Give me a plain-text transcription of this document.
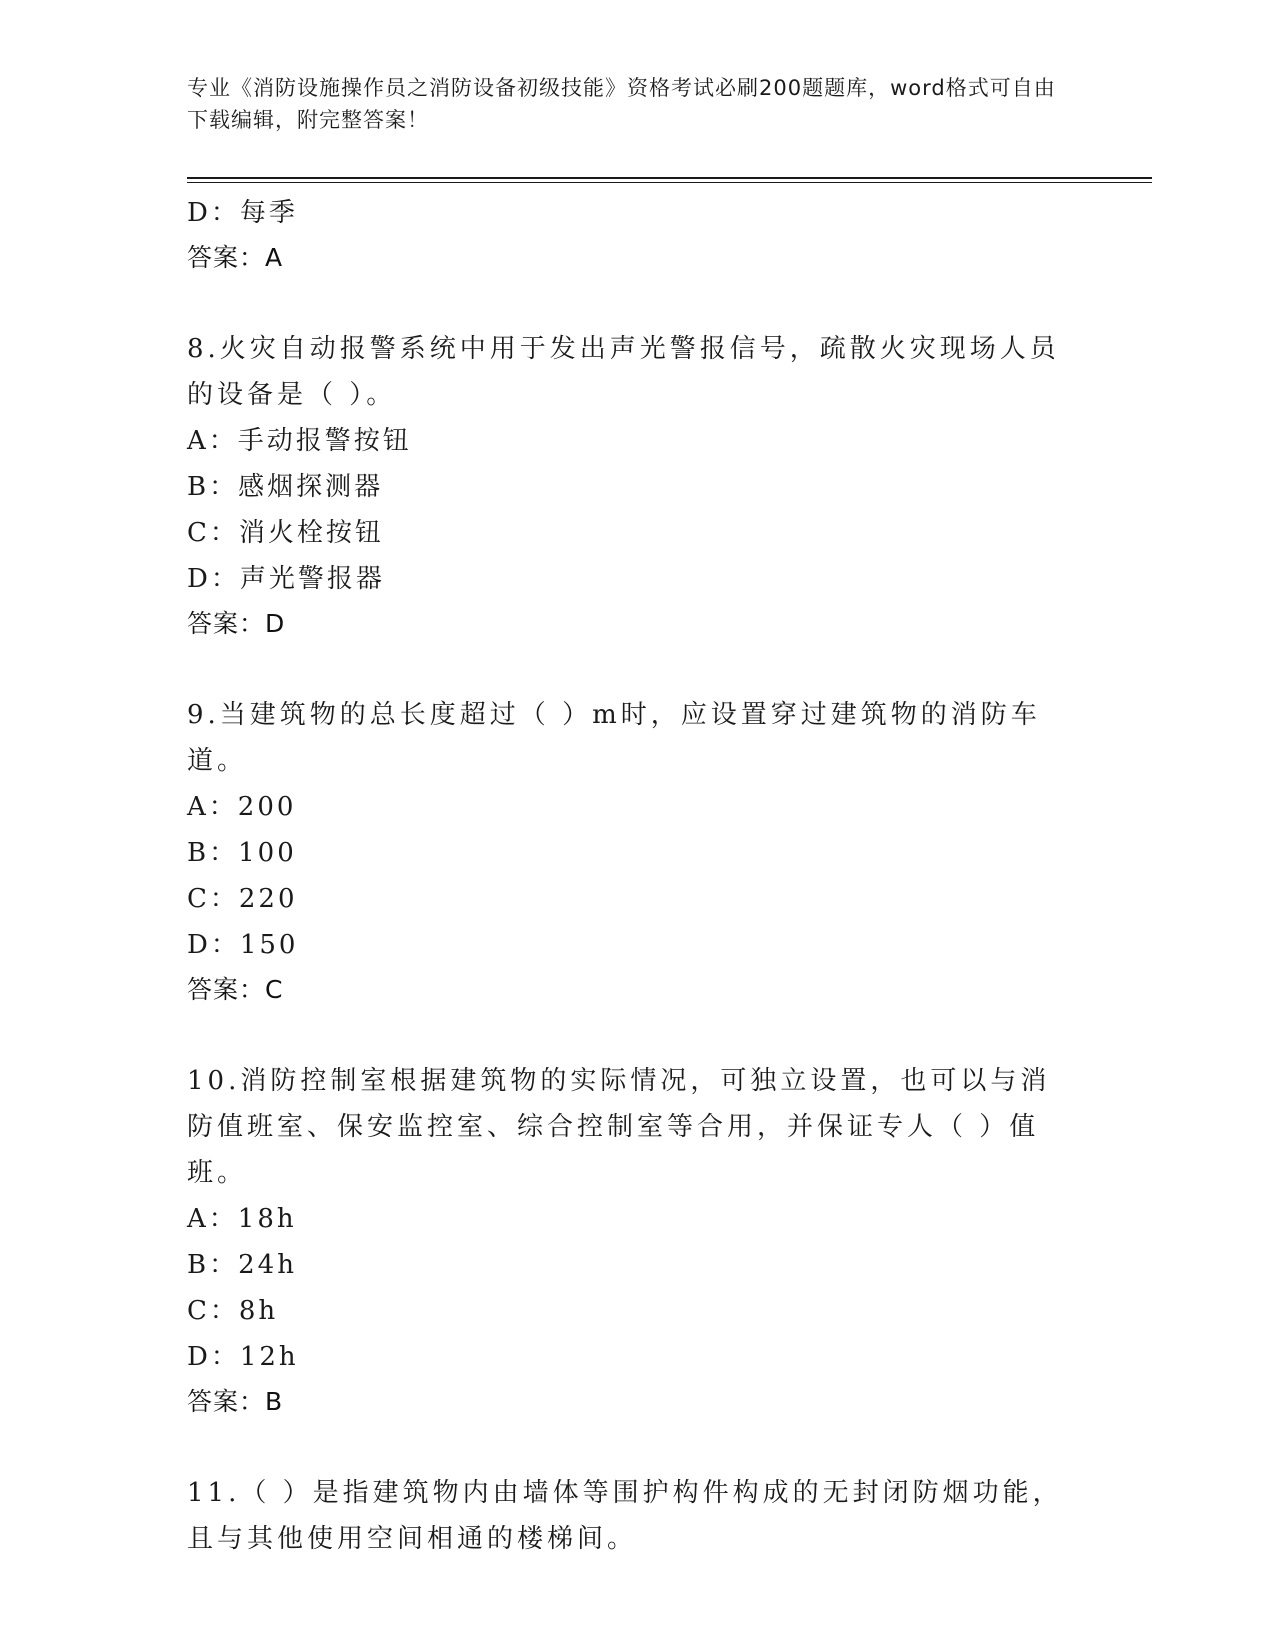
专业《消防设施操作员之消防设备初级技能》资格考试必刷200题题库，word格式可自由下载编辑，附完整答案！
D：每季
答案：A
8.火灾自动报警系统中用于发出声光警报信号，疏散火灾现场人员的设备是（ ）。
A：手动报警按钮
B：感烟探测器
C：消火栓按钮
D：声光警报器
答案：D
9.当建筑物的总长度超过（ ）m时，应设置穿过建筑物的消防车道。
A：200
B：100
C：220
D：150
答案：C
10.消防控制室根据建筑物的实际情况，可独立设置，也可以与消防值班室、保安监控室、综合控制室等合用，并保证专人（ ）值班。
A：18h
B：24h
C：8h
D：12h
答案：B
11.（ ）是指建筑物内由墙体等围护构件构成的无封闭防烟功能，且与其他使用空间相通的楼梯间。
